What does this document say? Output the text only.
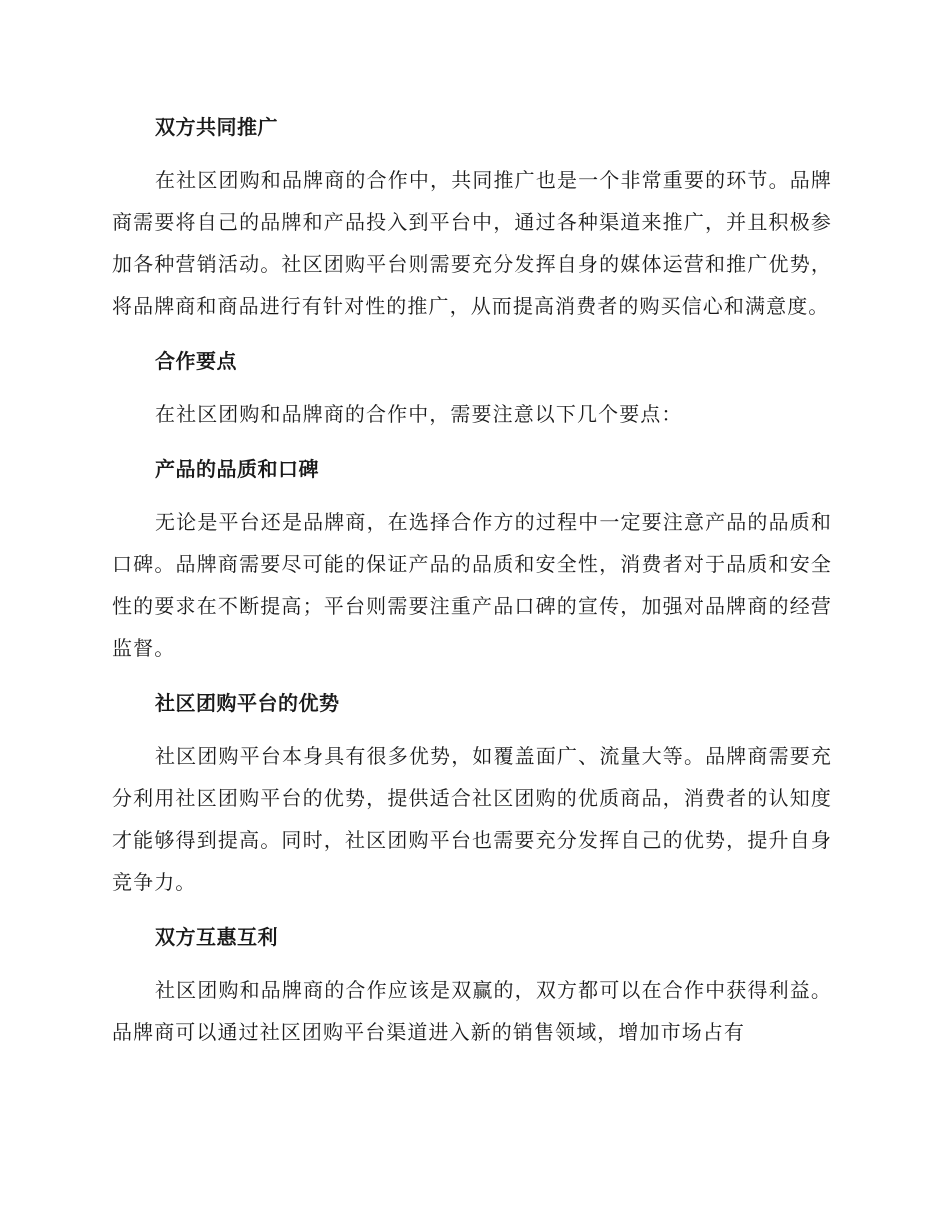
双方共同推广

在社区团购和品牌商的合作中，共同推广也是一个非常重要的环节。品牌商需要将自己的品牌和产品投入到平台中，通过各种渠道来推广，并且积极参加各种营销活动。社区团购平台则需要充分发挥自身的媒体运营和推广优势，将品牌商和商品进行有针对性的推广，从而提高消费者的购买信心和满意度。

合作要点

在社区团购和品牌商的合作中，需要注意以下几个要点：

产品的品质和口碑

无论是平台还是品牌商，在选择合作方的过程中一定要注意产品的品质和口碑。品牌商需要尽可能的保证产品的品质和安全性，消费者对于品质和安全性的要求在不断提高；平台则需要注重产品口碑的宣传，加强对品牌商的经营监督。

社区团购平台的优势

社区团购平台本身具有很多优势，如覆盖面广、流量大等。品牌商需要充分利用社区团购平台的优势，提供适合社区团购的优质商品，消费者的认知度才能够得到提高。同时，社区团购平台也需要充分发挥自己的优势，提升自身竞争力。

双方互惠互利

社区团购和品牌商的合作应该是双赢的，双方都可以在合作中获得利益。品牌商可以通过社区团购平台渠道进入新的销售领域，增加市场占有
